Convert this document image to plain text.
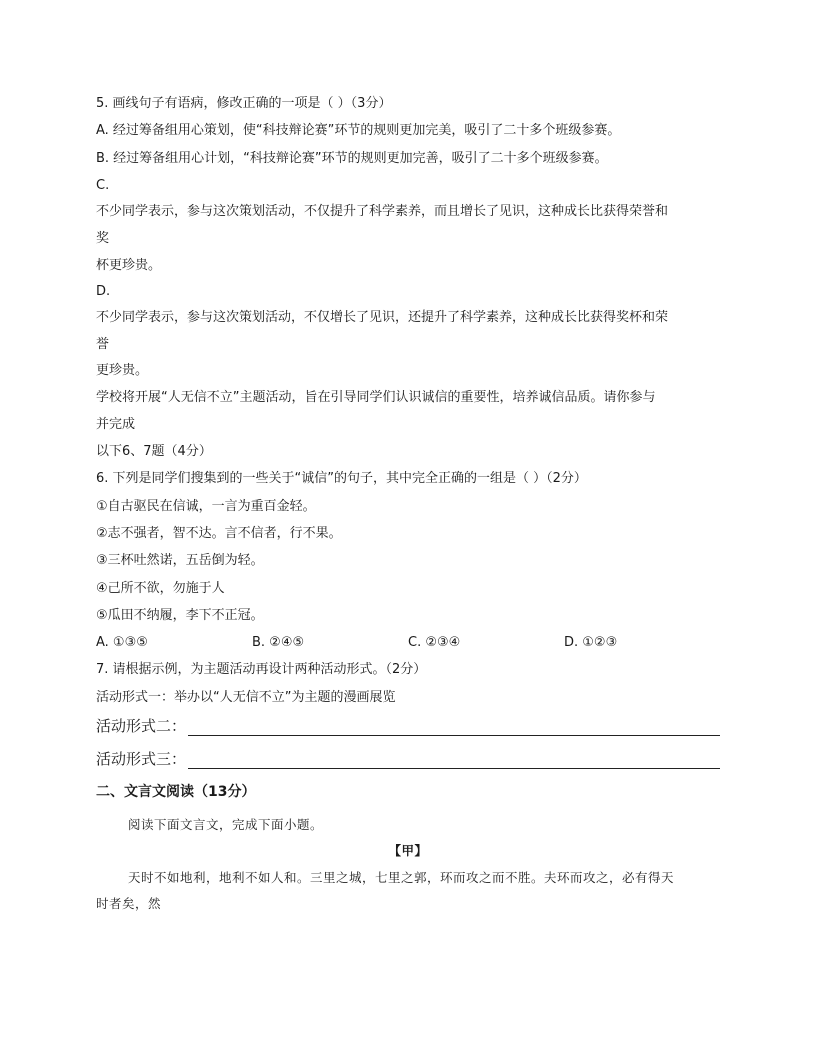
5. 画线句子有语病，修改正确的一项是（ ）（3分）
A. 经过筹备组用心策划，使“科技辩论赛”环节的规则更加完美，吸引了二十多个班级参赛。
B. 经过筹备组用心计划，“科技辩论赛”环节的规则更加完善，吸引了二十多个班级参赛。
C.
不少同学表示，参与这次策划活动，不仅提升了科学素养，而且增长了见识，这种成长比获得荣誉和
奖
杯更珍贵。
D.
不少同学表示，参与这次策划活动，不仅增长了见识，还提升了科学素养，这种成长比获得奖杯和荣
誉
更珍贵。
学校将开展“人无信不立”主题活动，旨在引导同学们认识诚信的重要性，培养诚信品质。请你参与
并完成
以下6、7题（4分）
6. 下列是同学们搜集到的一些关于“诚信”的句子，其中完全正确的一组是（ ）（2分）
①自古驱民在信诚，一言为重百金轻。
②志不强者，智不达。言不信者，行不果。
③三杯吐然诺，五岳倒为轻。
④己所不欲，勿施于人
⑤瓜田不纳履，李下不正冠。
A. ①③⑤	B. ②④⑤	C. ②③④	D. ①②③
7. 请根据示例，为主题活动再设计两种活动形式。（2分）
活动形式一：举办以“人无信不立”为主题的漫画展览
活动形式二：
活动形式三：
二、文言文阅读（13分）
阅读下面文言文，完成下面小题。
【甲】
天时不如地利，地利不如人和。三里之城，七里之郭，环而攻之而不胜。夫环而攻之，必有得天
时者矣，然
